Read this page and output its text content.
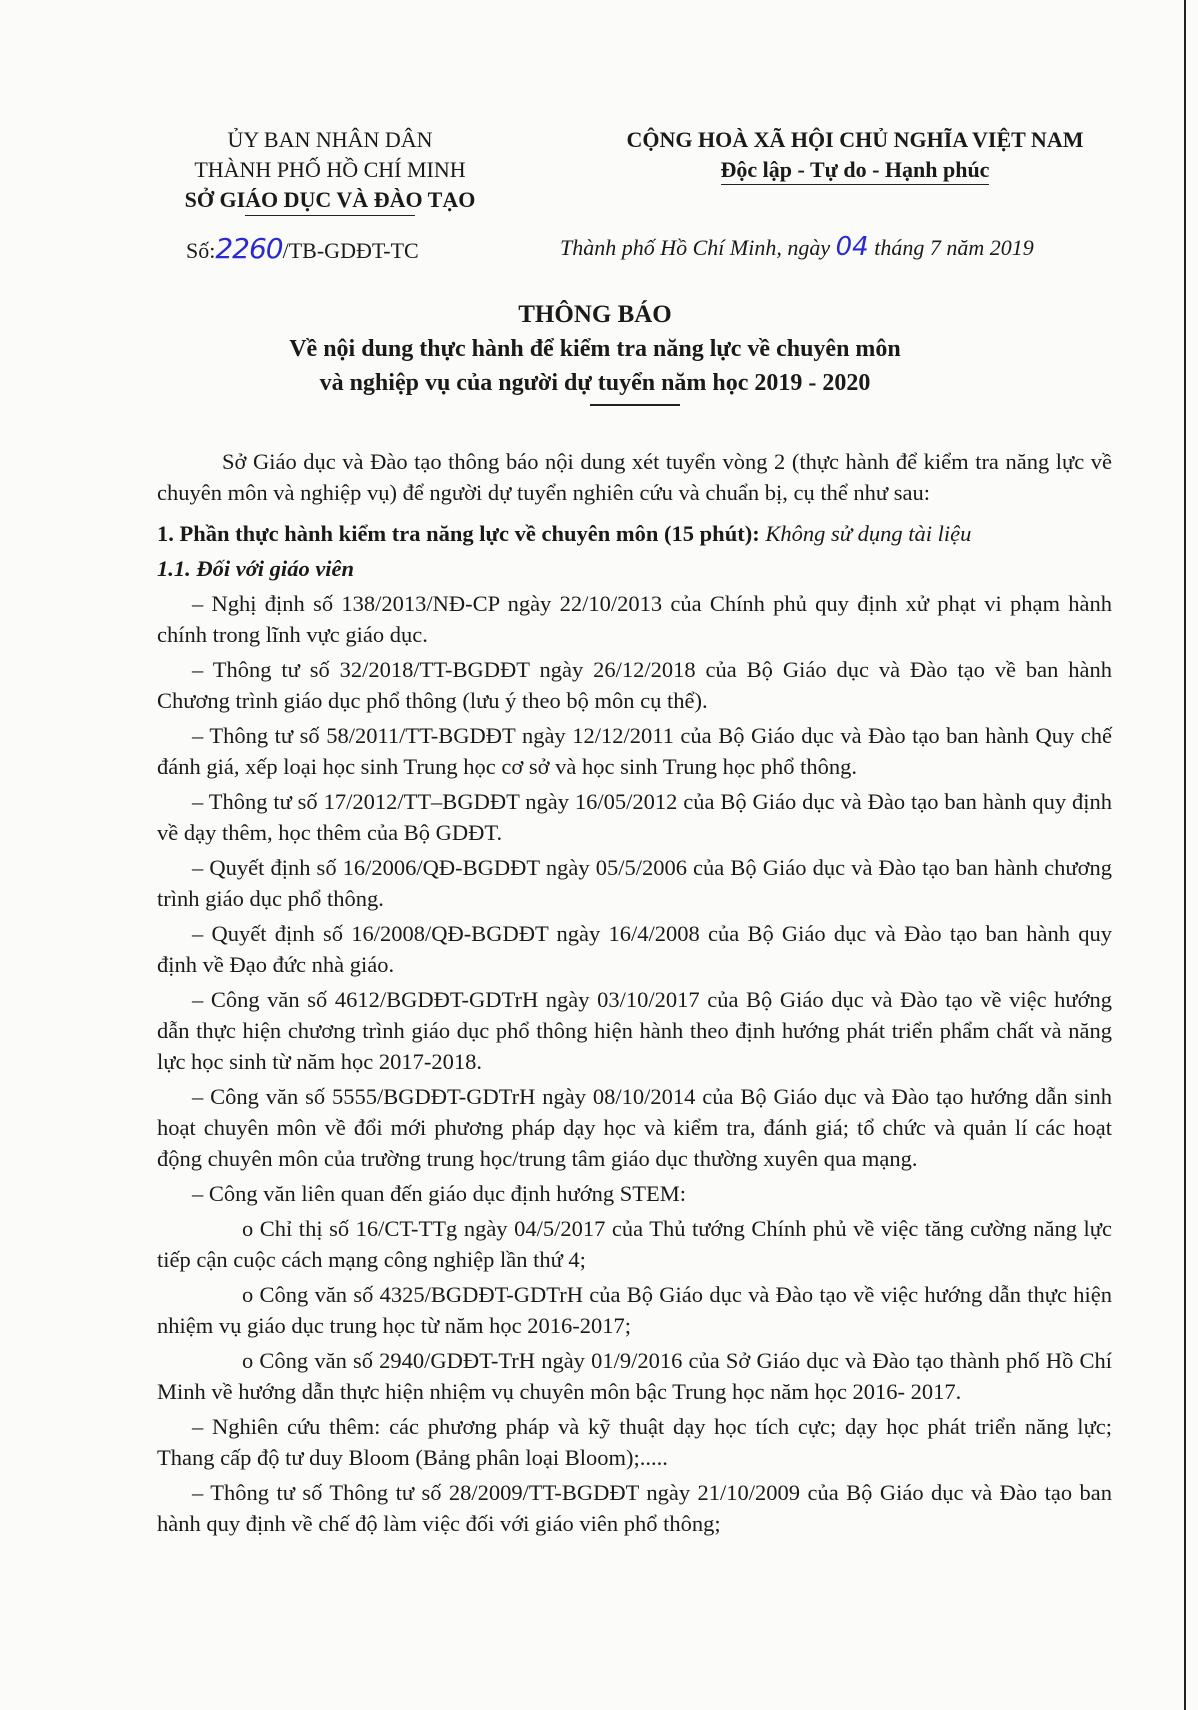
ỦY BAN NHÂN DÂN
THÀNH PHỐ HỒ CHÍ MINH
SỞ GIÁO DỤC VÀ ĐÀO TẠO
Số:2260/TB-GDĐT-TC
CỘNG HOÀ XÃ HỘI CHỦ NGHĨA VIỆT NAM
Độc lập - Tự do - Hạnh phúc
Thành phố Hồ Chí Minh, ngày 04 tháng 7 năm 2019
THÔNG BÁO
Về nội dung thực hành để kiểm tra năng lực về chuyên môn
và nghiệp vụ của người dự tuyển năm học 2019 - 2020

Sở Giáo dục và Đào tạo thông báo nội dung xét tuyển vòng 2 (thực hành để kiểm tra năng lực về chuyên môn và nghiệp vụ) để người dự tuyển nghiên cứu và chuẩn bị, cụ thể như sau:

1. Phần thực hành kiểm tra năng lực về chuyên môn (15 phút): Không sử dụng tài liệu

1.1. Đối với giáo viên

– Nghị định số 138/2013/NĐ-CP ngày 22/10/2013 của Chính phủ quy định xử phạt vi phạm hành chính trong lĩnh vực giáo dục.

– Thông tư số 32/2018/TT-BGDĐT ngày 26/12/2018 của Bộ Giáo dục và Đào tạo về ban hành Chương trình giáo dục phổ thông (lưu ý theo bộ môn cụ thể).

– Thông tư số 58/2011/TT-BGDĐT ngày 12/12/2011 của Bộ Giáo dục và Đào tạo ban hành Quy chế đánh giá, xếp loại học sinh Trung học cơ sở và học sinh Trung học phổ thông.

– Thông tư số 17/2012/TT–BGDĐT ngày 16/05/2012 của Bộ Giáo dục và Đào tạo ban hành quy định về dạy thêm, học thêm của Bộ GDĐT.

– Quyết định số 16/2006/QĐ-BGDĐT ngày 05/5/2006 của Bộ Giáo dục và Đào tạo ban hành chương trình giáo dục phổ thông.

– Quyết định số 16/2008/QĐ-BGDĐT ngày 16/4/2008 của Bộ Giáo dục và Đào tạo ban hành quy định về Đạo đức nhà giáo.

– Công văn số 4612/BGDĐT-GDTrH ngày 03/10/2017 của Bộ Giáo dục và Đào tạo về việc hướng dẫn thực hiện chương trình giáo dục phổ thông hiện hành theo định hướng phát triển phẩm chất và năng lực học sinh từ năm học 2017-2018.

– Công văn số 5555/BGDĐT-GDTrH ngày 08/10/2014 của Bộ Giáo dục và Đào tạo hướng dẫn sinh hoạt chuyên môn về đổi mới phương pháp dạy học và kiểm tra, đánh giá; tổ chức và quản lí các hoạt động chuyên môn của trường trung học/trung tâm giáo dục thường xuyên qua mạng.

– Công văn liên quan đến giáo dục định hướng STEM:

o Chỉ thị số 16/CT-TTg ngày 04/5/2017 của Thủ tướng Chính phủ về việc tăng cường năng lực tiếp cận cuộc cách mạng công nghiệp lần thứ 4;

o Công văn số 4325/BGDĐT-GDTrH của Bộ Giáo dục và Đào tạo về việc hướng dẫn thực hiện nhiệm vụ giáo dục trung học từ năm học 2016-2017;

o Công văn số 2940/GDĐT-TrH ngày 01/9/2016 của Sở Giáo dục và Đào tạo thành phố Hồ Chí Minh về hướng dẫn thực hiện nhiệm vụ chuyên môn bậc Trung học năm học 2016- 2017.

– Nghiên cứu thêm: các phương pháp và kỹ thuật dạy học tích cực; dạy học phát triển năng lực; Thang cấp độ tư duy Bloom (Bảng phân loại Bloom);.....

– Thông tư số Thông tư số 28/2009/TT-BGDĐT ngày 21/10/2009 của Bộ Giáo dục và Đào tạo ban hành quy định về chế độ làm việc đối với giáo viên phổ thông;
